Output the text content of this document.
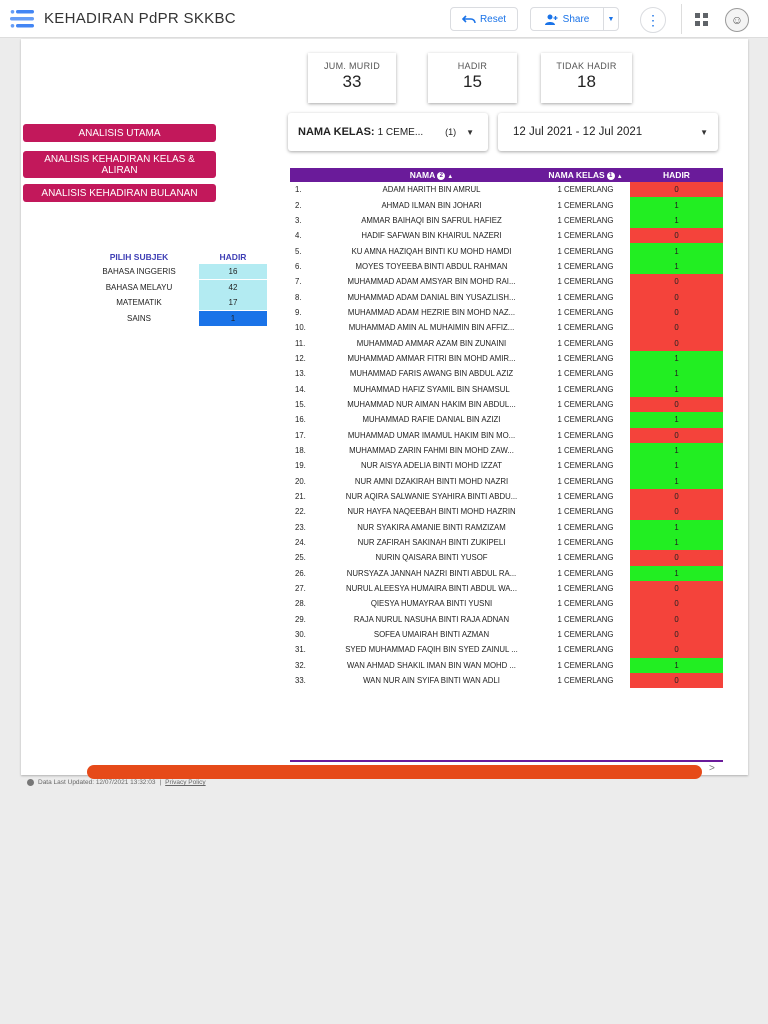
KEHADIRAN PdPR SKKBC	Reset	Share	▼ ⋮	☺
JUM. MURID
33
HADIR
15
TIDAK HADIR
18
ANALISIS UTAMA
ANALISIS KEHADIRAN KELAS & ALIRAN
ANALISIS KEHADIRAN BULANAN
NAMA KELAS: 1 CEME... (1) ▼	12 Jul 2021 - 12 Jul 2021	▼
PILIH SUBJEK	HADIR
BAHASA INGGERIS	16
BAHASA MELAYU	42
MATEMATIK	17
SAINS	1
NAMA 2 ▲	NAMA KELAS 1 ▲	HADIR
1.	ADAM HARITH BIN AMRUL	1 CEMERLANG	0
2.	AHMAD ILMAN BIN JOHARI	1 CEMERLANG	1
3.	AMMAR BAIHAQI BIN SAFRUL HAFIEZ	1 CEMERLANG	1
4.	HADIF SAFWAN BIN KHAIRUL NAZERI	1 CEMERLANG	0
5.	KU AMNA HAZIQAH BINTI KU MOHD HAMDI	1 CEMERLANG	1
6.	MOYES TOYEEBA BINTI ABDUL RAHMAN	1 CEMERLANG	1
7.	MUHAMMAD ADAM AMSYAR BIN MOHD RAI...	1 CEMERLANG	0
8.	MUHAMMAD ADAM DANIAL BIN YUSAZLISH...	1 CEMERLANG	0
9.	MUHAMMAD ADAM HEZRIE BIN MOHD NAZ...	1 CEMERLANG	0
10.	MUHAMMAD AMIN AL MUHAIMIN BIN AFFIZ...	1 CEMERLANG	0
11.	MUHAMMAD AMMAR AZAM BIN ZUNAINI	1 CEMERLANG	0
12.	MUHAMMAD AMMAR FITRI BIN MOHD AMIR...	1 CEMERLANG	1
13.	MUHAMMAD FARIS AWANG BIN ABDUL AZIZ	1 CEMERLANG	1
14.	MUHAMMAD HAFIZ SYAMIL BIN SHAMSUL	1 CEMERLANG	1
15.	MUHAMMAD NUR AIMAN HAKIM BIN ABDUL...	1 CEMERLANG	0
16.	MUHAMMAD RAFIE DANIAL BIN AZIZI	1 CEMERLANG	1
17.	MUHAMMAD UMAR IMAMUL HAKIM BIN MO...	1 CEMERLANG	0
18.	MUHAMMAD ZARIN FAHMI BIN MOHD ZAW...	1 CEMERLANG	1
19.	NUR AISYA ADELIA BINTI MOHD IZZAT	1 CEMERLANG	1
20.	NUR AMNI DZAKIRAH BINTI MOHD NAZRI	1 CEMERLANG	1
21.	NUR AQIRA SALWANIE SYAHIRA BINTI ABDU...	1 CEMERLANG	0
22.	NUR HAYFA NAQEEBAH BINTI MOHD HAZRIN	1 CEMERLANG	0
23.	NUR SYAKIRA AMANIE BINTI RAMZIZAM	1 CEMERLANG	1
24.	NUR ZAFIRAH SAKINAH BINTI ZUKIPELI	1 CEMERLANG	1
25.	NURIN QAISARA BINTI YUSOF	1 CEMERLANG	0
26.	NURSYAZA JANNAH NAZRI BINTI ABDUL RA...	1 CEMERLANG	1
27.	NURUL ALEESYA HUMAIRA BINTI ABDUL WA...	1 CEMERLANG	0
28.	QIESYA HUMAYRAA BINTI YUSNI	1 CEMERLANG	0
29.	RAJA NURUL NASUHA BINTI RAJA ADNAN	1 CEMERLANG	0
30.	SOFEA UMAIRAH BINTI AZMAN	1 CEMERLANG	0
31.	SYED MUHAMMAD FAQIH BIN SYED ZAINUL ...	1 CEMERLANG	0
32.	WAN AHMAD SHAKIL IMAN BIN WAN MOHD ...	1 CEMERLANG	1
33.	WAN NUR AIN SYIFA BINTI WAN ADLI	1 CEMERLANG	0
>
Data Last Updated: 12/07/2021 13:32:03 | Privacy Policy
